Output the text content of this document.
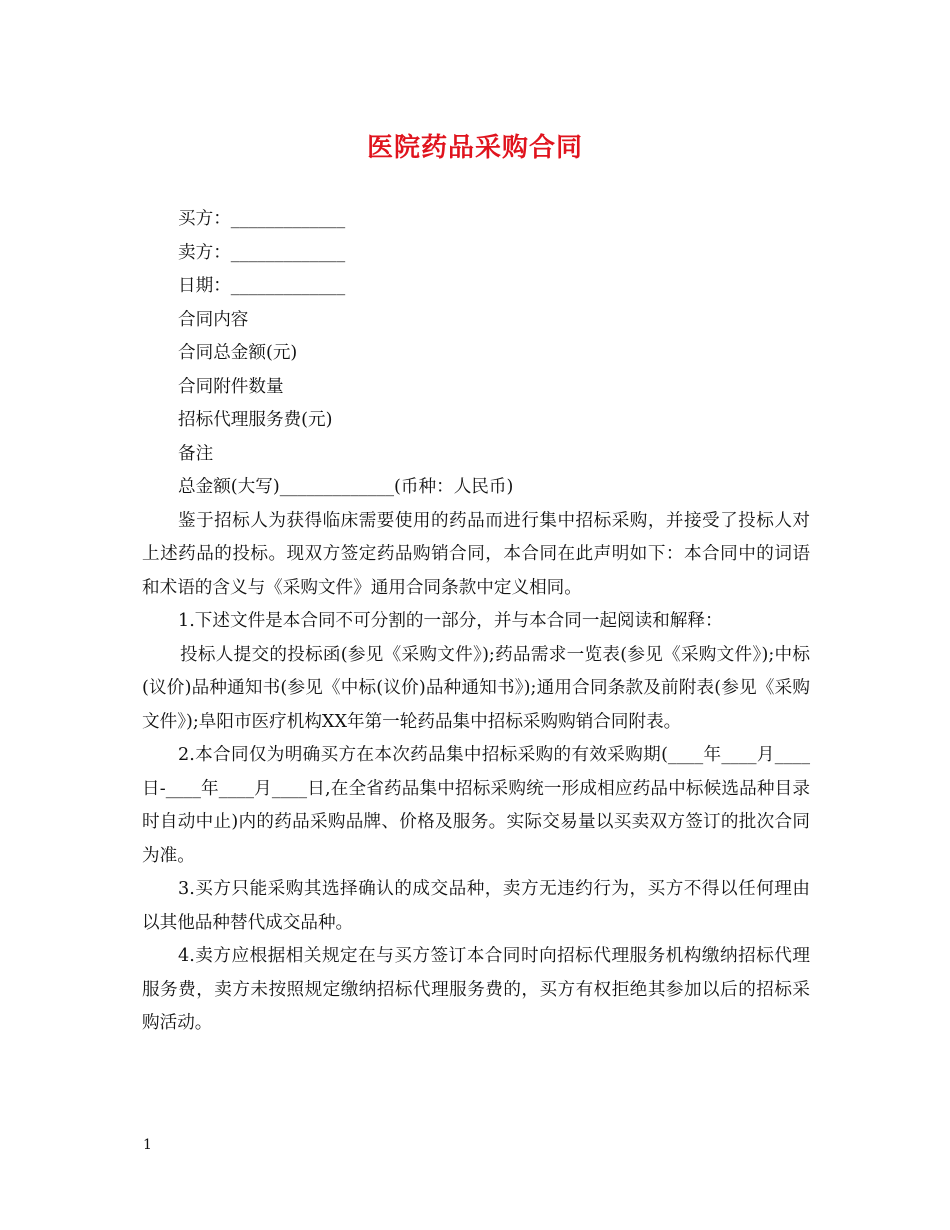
医院药品采购合同

买方：_____________

卖方：_____________

日期：_____________

合同内容

合同总金额(元)

合同附件数量

招标代理服务费(元)

备注

总金额(大写)_____________(币种：人民币)

鉴于招标人为获得临床需要使用的药品而进行集中招标采购，并接受了投标人对上述药品的投标。现双方签定药品购销合同，本合同在此声明如下：本合同中的词语和术语的含义与《采购文件》通用合同条款中定义相同。

1.下述文件是本合同不可分割的一部分，并与本合同一起阅读和解释：

投标人提交的投标函(参见《采购文件》);药品需求一览表(参见《采购文件》);中标(议价)品种通知书(参见《中标(议价)品种通知书》);通用合同条款及前附表(参见《采购文件》);阜阳市医疗机构XX年第一轮药品集中招标采购购销合同附表。

2.本合同仅为明确买方在本次药品集中招标采购的有效采购期(____年____月____日-____年____月____日,在全省药品集中招标采购统一形成相应药品中标候选品种目录时自动中止)内的药品采购品牌、价格及服务。实际交易量以买卖双方签订的批次合同为准。

3.买方只能采购其选择确认的成交品种，卖方无违约行为，买方不得以任何理由以其他品种替代成交品种。

4.卖方应根据相关规定在与买方签订本合同时向招标代理服务机构缴纳招标代理服务费，卖方未按照规定缴纳招标代理服务费的，买方有权拒绝其参加以后的招标采购活动。

1
